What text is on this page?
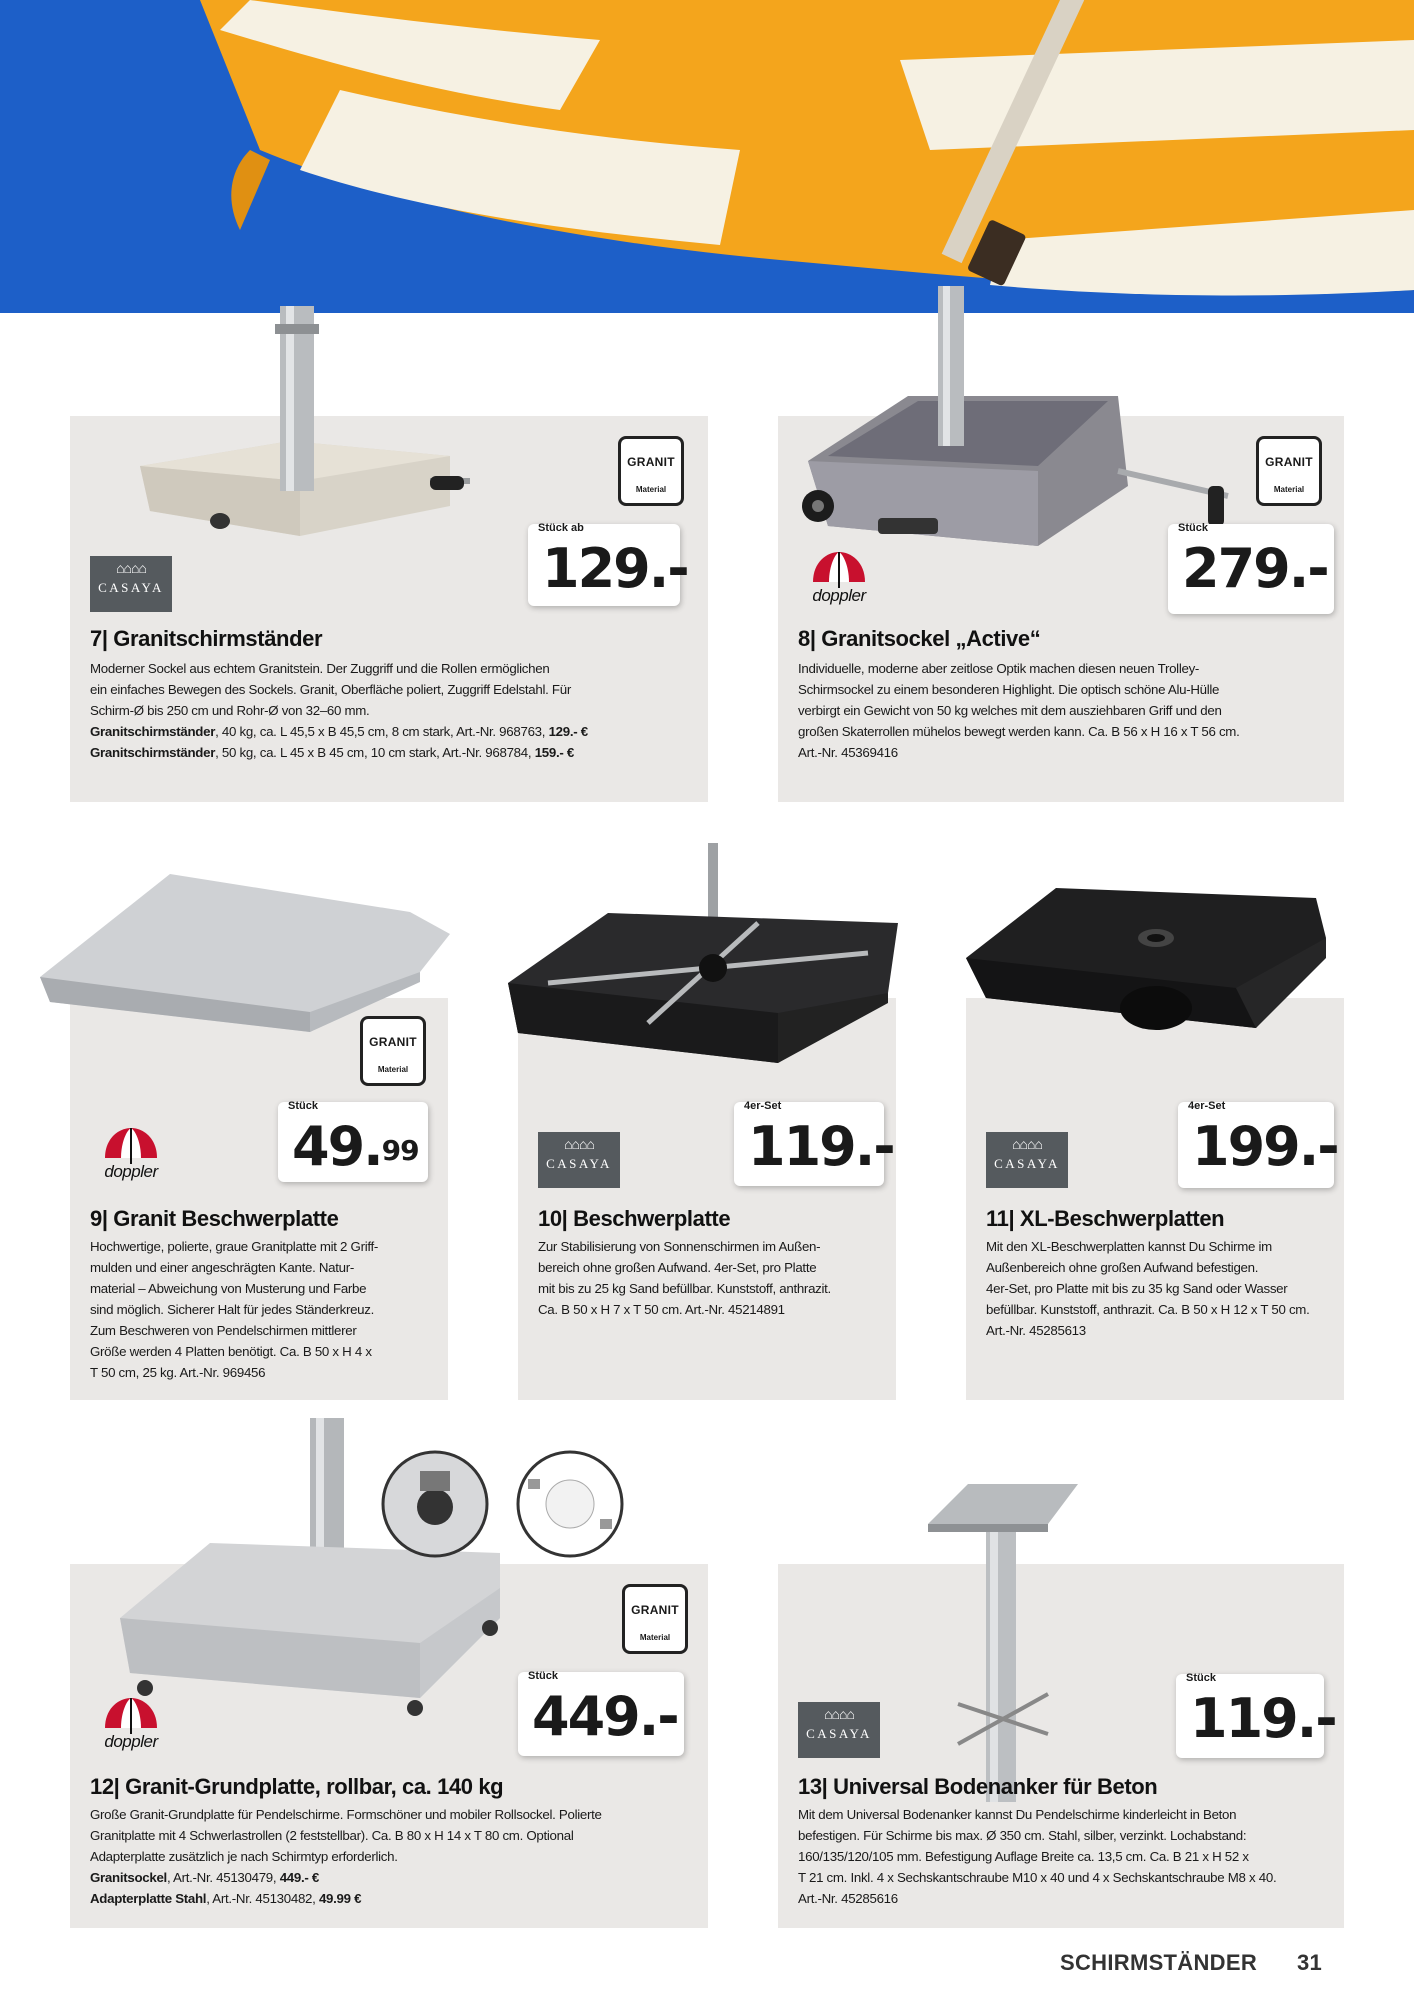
GRANIT
Material
Stück ab
129.-
⌂⌂⌂⌂
CASAYA
7| Granitschirmständer
Moderner Sockel aus echtem Granitstein. Der Zuggriff und die Rollen ermöglichen
ein einfaches Bewegen des Sockels. Granit, Oberfläche poliert, Zuggriff Edelstahl. Für
Schirm-Ø bis 250 cm und Rohr-Ø von 32–60 mm.
Granitschirmständer, 40 kg, ca. L 45,5 x B 45,5 cm, 8 cm stark, Art.-Nr. 968763, 129.- €
Granitschirmständer, 50 kg, ca. L 45 x B 45 cm, 10 cm stark, Art.-Nr. 968784, 159.- €
GRANIT
Material
Stück
279.-
doppler
8| Granitsockel „Active“
Individuelle, moderne aber zeitlose Optik machen diesen neuen Trolley-
Schirmsockel zu einem besonderen Highlight. Die optisch schöne Alu-Hülle
verbirgt ein Gewicht von 50 kg welches mit dem ausziehbaren Griff und den
großen Skaterrollen mühelos bewegt werden kann. Ca. B 56 x H 16 x T 56 cm.
Art.-Nr. 45369416
GRANIT
Material
Stück
49.99
doppler
9| Granit Beschwerplatte
Hochwertige, polierte, graue Granitplatte mit 2 Griff-
mulden und einer angeschrägten Kante. Natur-
material – Abweichung von Musterung und Farbe
sind möglich. Sicherer Halt für jedes Ständerkreuz.
Zum Beschweren von Pendelschirmen mittlerer
Größe werden 4 Platten benötigt. Ca. B 50 x H 4 x
T 50 cm, 25 kg. Art.-Nr. 969456
4er-Set
119.-
⌂⌂⌂⌂
CASAYA
10| Beschwerplatte
Zur Stabilisierung von Sonnenschirmen im Außen-
bereich ohne großen Aufwand. 4er-Set, pro Platte
mit bis zu 25 kg Sand befüllbar. Kunststoff, anthrazit.
Ca. B 50 x H 7 x T 50 cm. Art.-Nr. 45214891
4er-Set
199.-
⌂⌂⌂⌂
CASAYA
11| XL-Beschwerplatten
Mit den XL-Beschwerplatten kannst Du Schirme im
Außenbereich ohne großen Aufwand befestigen.
4er-Set, pro Platte mit bis zu 35 kg Sand oder Wasser
befüllbar. Kunststoff, anthrazit. Ca. B 50 x H 12 x T 50 cm.
Art.-Nr. 45285613
GRANIT
Material
Stück
449.-
doppler
12| Granit-Grundplatte, rollbar, ca. 140 kg
Große Granit-Grundplatte für Pendelschirme. Formschöner und mobiler Rollsockel. Polierte
Granitplatte mit 4 Schwerlastrollen (2 feststellbar). Ca. B 80 x H 14 x T 80 cm. Optional
Adapterplatte zusätzlich je nach Schirmtyp erforderlich.
Granitsockel, Art.-Nr. 45130479, 449.- €
Adapterplatte Stahl, Art.-Nr. 45130482, 49.99 €
Stück
119.-
⌂⌂⌂⌂
CASAYA
13| Universal Bodenanker für Beton
Mit dem Universal Bodenanker kannst Du Pendelschirme kinderleicht in Beton
befestigen. Für Schirme bis max. Ø 350 cm. Stahl, silber, verzinkt. Lochabstand:
160/135/120/105 mm. Befestigung Auflage Breite ca. 13,5 cm. Ca. B 21 x H 52 x
T 21 cm. Inkl. 4 x Sechskantschraube M10 x 40 und 4 x Sechskantschraube M8 x 40.
Art.-Nr. 45285616
SCHIRMSTÄNDER 31
